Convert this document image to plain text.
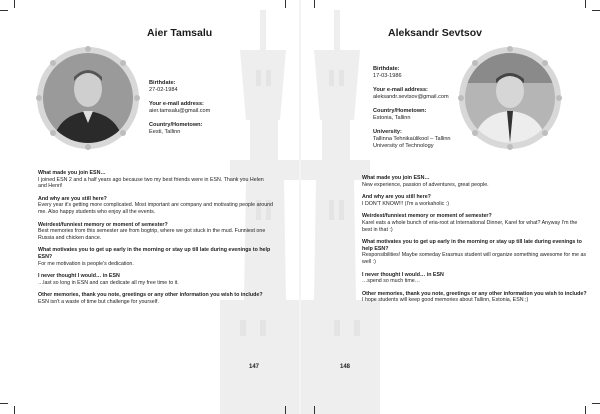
Aier Tamsalu
Birthdate:
27-02-1984
Your e-mail address:
aier.tamsalu@gmail.com
Country/Hometown:
Eesti, Tallinn
What made you join ESN…
I joined ESN 2 and a half years ago because two my best friends were in ESN. Thank you Helen and Henri!
And why are you still here?
Every year it's getting more complicated. Most important are company and motivating people around me. Also happy students who enjoy all the events.
Weirdest/funniest memory or moment of semester?
Best memories from this semester are from bogtrip, where we got stuck in the mud. Funniest one Russia and chicken dance.
What motivates you to get up early in the morning or stay up till late during evenings to help ESN?
For me motivation is people's dedication.
I never thought I would… in ESN
…last so long in ESN and can dedicate all my free time to it.
Other memories, thank you note, greetings or any other information you wish to include?
ESN isn't a waste of time but challenge for yourself.
147
Aleksandr Sevtsov
Birthdate:
17-03-1986
Your e-mail address:
aleksandr.sevtsov@gmail.com
Country/Hometown:
Estonia, Tallinn
University:
Tallinna Tehnikaülikool – Tallinn University of Technology
What made you join ESN…
New experience, passion of adventures, great people.
And why are you still here?
I DON'T KNOW!!! (I'm a workaholic :)
Weirdest/funniest memory or moment of semester?
Karel eats a whole bunch of eria-root at International Dinner, Karel for what? Anyway I'm the best in that :)
What motivates you to get up early in the morning or stay up till late during evenings to help ESN?
Responsibilities! Maybe someday Erasmus student will organize something awesome for me as well :)
I never thought I would… in ESN
…spend so much time…
Other memories, thank you note, greetings or any other information you wish to include?
I hope students will keep good memories about Tallinn, Estonia, ESN ;)
148
